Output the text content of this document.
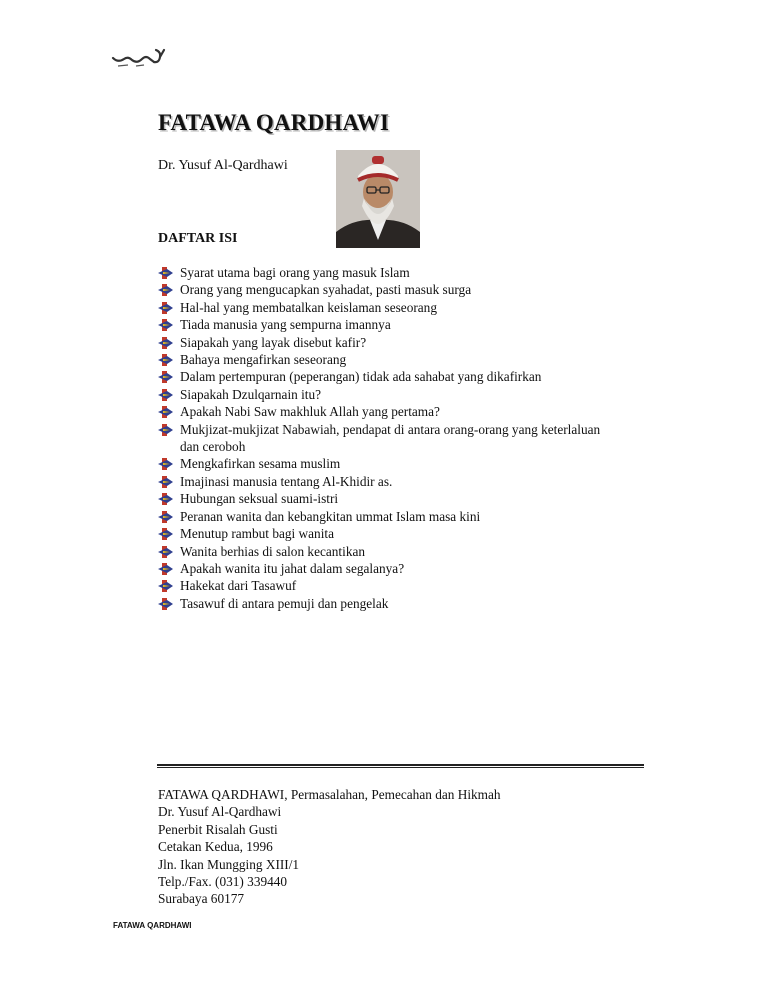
FATAWA QARDHAWI
Dr. Yusuf Al-Qardhawi
DAFTAR ISI
Syarat utama bagi orang yang masuk Islam
Orang yang mengucapkan syahadat, pasti masuk surga
Hal-hal yang membatalkan keislaman seseorang
Tiada manusia yang sempurna imannya
Siapakah yang layak disebut kafir?
Bahaya mengafirkan seseorang
Dalam pertempuran (peperangan) tidak ada sahabat yang dikafirkan
Siapakah Dzulqarnain itu?
Apakah Nabi Saw makhluk Allah yang pertama?
Mukjizat-mukjizat Nabawiah, pendapat di antara orang-orang yang keterlaluan dan ceroboh
Mengkafirkan sesama muslim
Imajinasi manusia tentang Al-Khidir as.
Hubungan seksual suami-istri
Peranan wanita dan kebangkitan ummat Islam masa kini
Menutup rambut bagi wanita
Wanita berhias di salon kecantikan
Apakah wanita itu jahat dalam segalanya?
Hakekat dari Tasawuf
Tasawuf di antara pemuji dan pengelak
FATAWA QARDHAWI, Permasalahan, Pemecahan dan Hikmah
Dr. Yusuf Al-Qardhawi
Penerbit Risalah Gusti
Cetakan Kedua, 1996
Jln. Ikan Mungging XIII/1
Telp./Fax. (031) 339440
Surabaya 60177
FATAWA QARDHAWI
